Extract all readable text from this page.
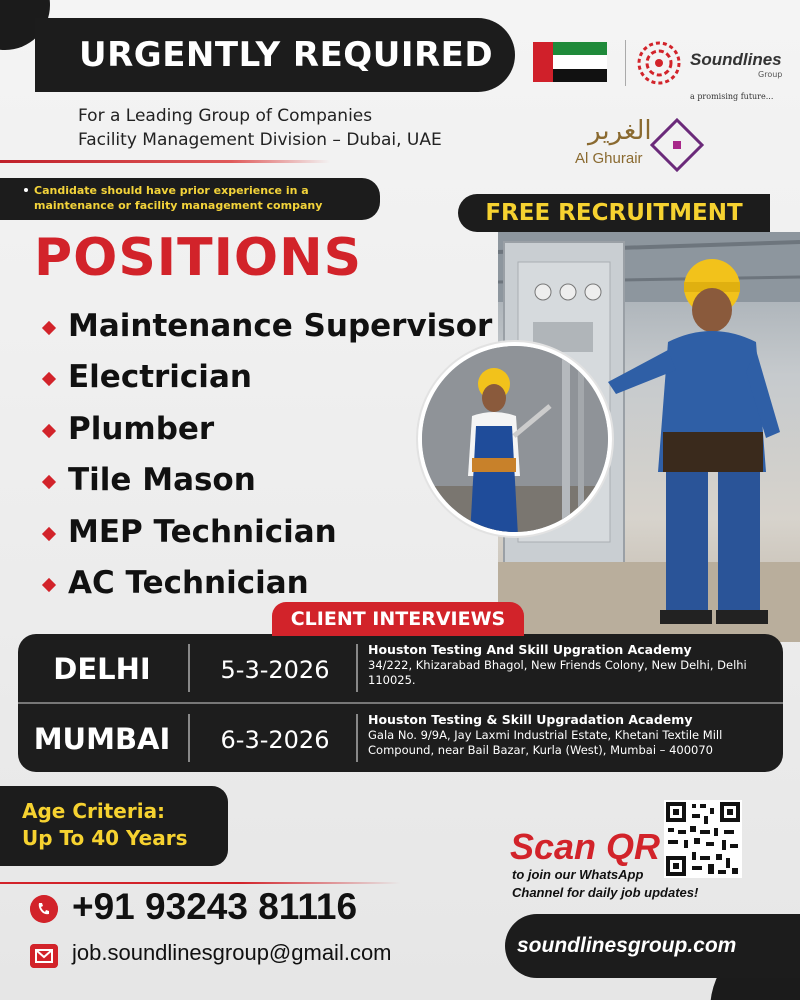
URGENTLY REQUIRED
For a Leading Group of Companies
Facility Management Division – Dubai, UAE
Soundlines
Group
a promising future...
الغرير
Al Ghurair
Candidate should have prior experience in a maintenance or facility management company	FREE RECRUITMENT
POSITIONS
Maintenance Supervisor
Electrician
Plumber
Tile Mason
MEP Technician
AC Technician
CLIENT INTERVIEWS
DELHI	5-3-2026
Houston Testing And Skill Upgration Academy
34/222, Khizarabad Bhagol, New Friends Colony, New Delhi, Delhi 110025.
MUMBAI	6-3-2026
Houston Testing & Skill Upgradation Academy
Gala No. 9/9A, Jay Laxmi Industrial Estate, Khetani Textile Mill Compound, near Bail Bazar, Kurla (West), Mumbai – 400070
Age Criteria:
Up To 40 Years
+91 93243 81116
job.soundlinesgroup@gmail.com
Scan QR
to join our WhatsApp
Channel for daily job updates!
soundlinesgroup.com
